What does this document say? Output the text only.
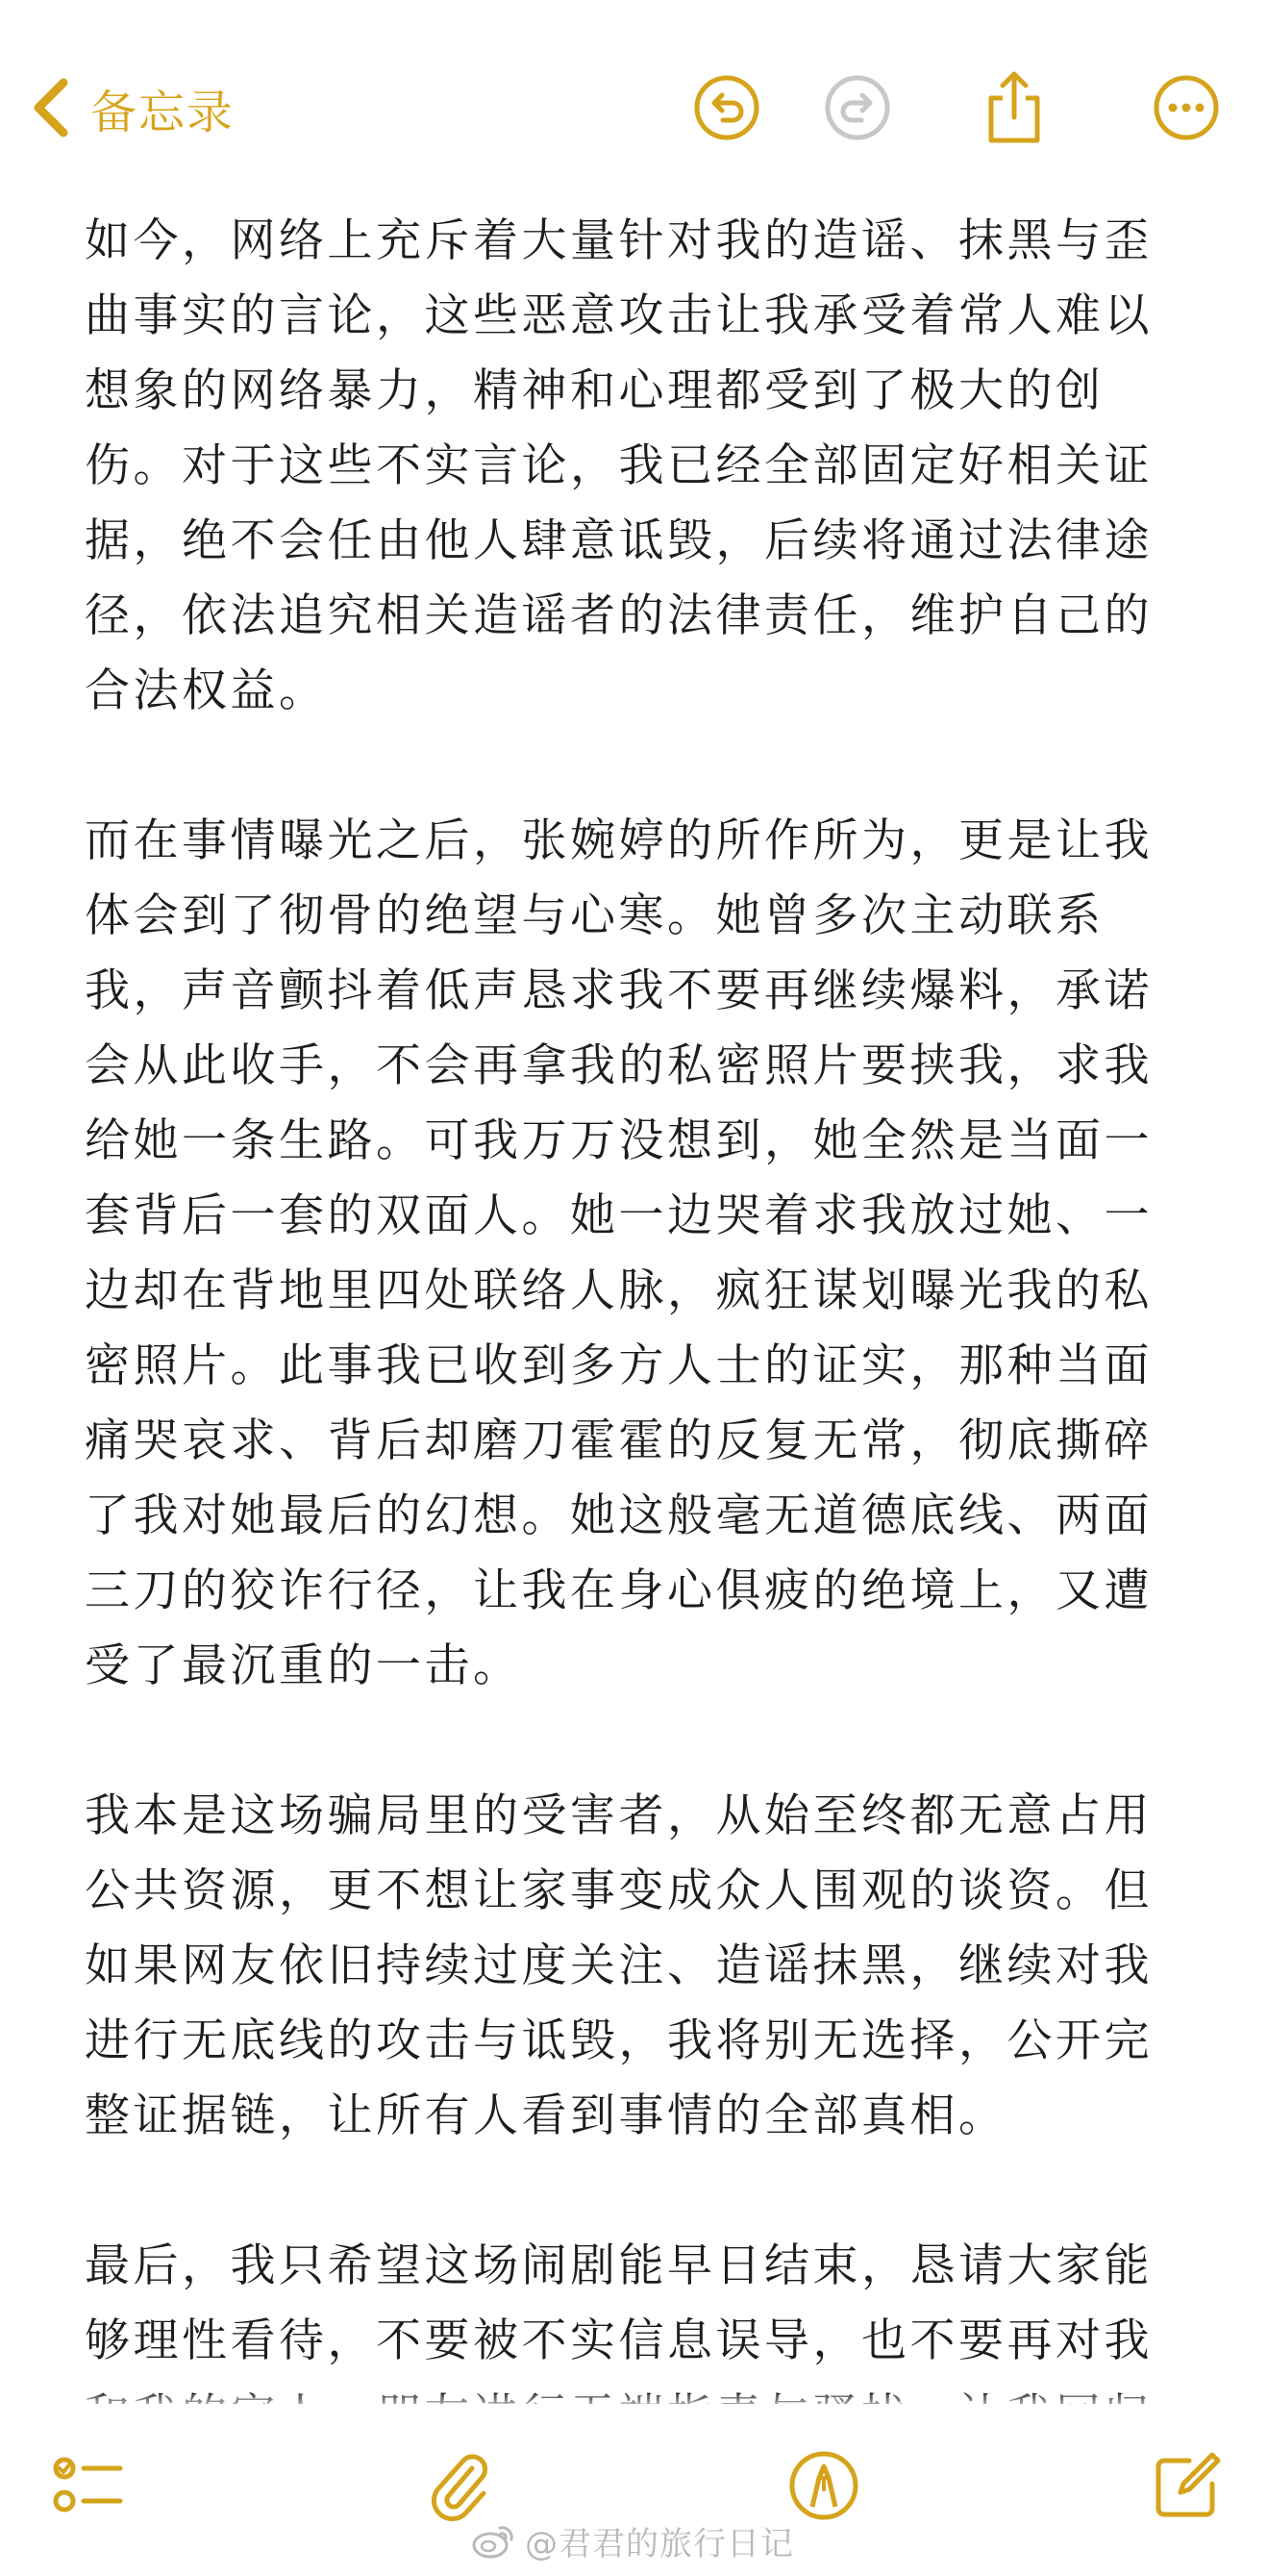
备忘录

如今，网络上充斥着大量针对我的造谣、抹黑与歪曲事实的言论，这些恶意攻击让我承受着常人难以想象的网络暴力，精神和心理都受到了极大的创伤。对于这些不实言论，我已经全部固定好相关证据，绝不会任由他人肆意诋毁，后续将通过法律途径，依法追究相关造谣者的法律责任，维护自己的合法权益。

而在事情曝光之后，张婉婷的所作所为，更是让我体会到了彻骨的绝望与心寒。她曾多次主动联系我，声音颤抖着低声恳求我不要再继续爆料，承诺会从此收手，不会再拿我的私密照片要挟我，求我给她一条生路。可我万万没想到，她全然是当面一套背后一套的双面人。她一边哭着求我放过她、一边却在背地里四处联络人脉，疯狂谋划曝光我的私密照片。此事我已收到多方人士的证实，那种当面痛哭哀求、背后却磨刀霍霍的反复无常，彻底撕碎了我对她最后的幻想。她这般毫无道德底线、两面三刀的狡诈行径，让我在身心俱疲的绝境上，又遭受了最沉重的一击。

我本是这场骗局里的受害者，从始至终都无意占用公共资源，更不想让家事变成众人围观的谈资。但如果网友依旧持续过度关注、造谣抹黑，继续对我进行无底线的攻击与诋毁，我将别无选择，公开完整证据链，让所有人看到事情的全部真相。

最后，我只希望这场闹剧能早日结束，恳请大家能够理性看待，不要被不实信息误导，也不要再对我

@君君的旅行日记
